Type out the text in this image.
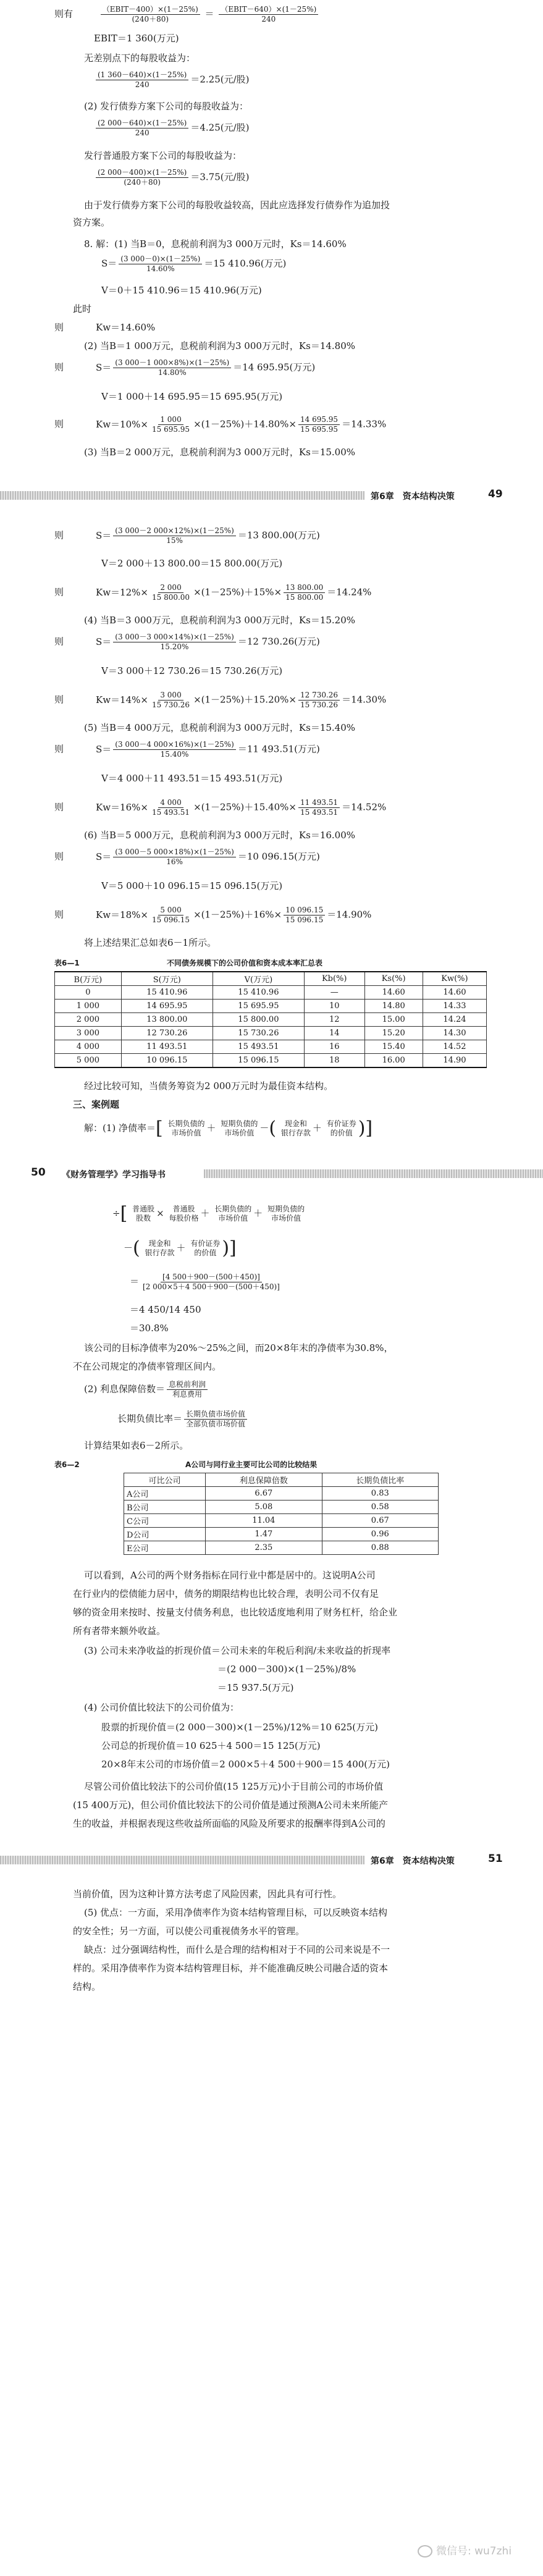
则有	$\frac{\text{（EBIT－400）×(1－25\%)}}{(240+80)} = \frac{\text{（EBIT－640）×(1－25\%)}}{240}$
EBIT＝1 360(万元)
无差别点下的每股收益为：
$\frac{(1 360-640)\times(1-25\%)}{240} =2.25$(元/股)
(2) 发行债券方案下公司的每股收益为：
$\frac{(2 000-640)\times(1-25\%)}{240} =4.25$(元/股)
发行普通股方案下公司的每股收益为：
$\frac{(2 000-400)\times(1-25\%)}{(240+80)} =3.75$(元/股)
由于发行债券方案下公司的每股收益较高，因此应选择发行债券作为追加投
资方案。
8. 解：(1) 当B＝0，息税前利润为3 000万元时，Ks＝14.60%
$S= \frac{(3 000-0)\times(1-25\%)}{14.60\%} =15$ 410.96(万元)
V＝0＋15 410.96＝15 410.96(万元)
此时
则	Kw＝14.60%
(2) 当B＝1 000万元，息税前利润为3 000万元时，Ks＝14.80%
则	$S= \frac{(3 000-1 000\times 8\%)\times(1-25\%)}{14.80\%} =14$ 695.95(万元)
V＝1 000＋14 695.95＝15 695.95(万元)
则	$Kw=10\%\times \frac{1 000}{15 695.95} \times(1-25\%)+14.80\%\times \frac{14 695.95}{15 695.95} =14.33\%$
(3) 当B＝2 000万元，息税前利润为3 000万元时，Ks＝15.00%
第6章　资本结构决策	49
则	$S= \frac{(3 000-2 000\times 12\%)\times(1-25\%)}{15\%} =13$ 800.00(万元)
V＝2 000＋13 800.00＝15 800.00(万元)
则	$Kw=12\%\times \frac{2 000}{15 800.00} \times(1-25\%)+15\%\times \frac{13 800.00}{15 800.00} =14.24\%$
(4) 当B＝3 000万元，息税前利润为3 000万元时，Ks＝15.20%
则	$S= \frac{(3 000-3 000\times 14\%)\times(1-25\%)}{15.20\%} =12$ 730.26(万元)
V＝3 000＋12 730.26＝15 730.26(万元)
则	$Kw=14\%\times \frac{3 000}{15 730.26} \times(1-25\%)+15.20\%\times \frac{12 730.26}{15 730.26} =14.30\%$
(5) 当B＝4 000万元，息税前利润为3 000万元时，Ks＝15.40%
则	$S= \frac{(3 000-4 000\times 16\%)\times(1-25\%)}{15.40\%} =11$ 493.51(万元)
V＝4 000＋11 493.51＝15 493.51(万元)
则	$Kw=16\%\times \frac{4 000}{15 493.51} \times(1-25\%)+15.40\%\times \frac{11 493.51}{15 493.51} =14.52\%$
(6) 当B＝5 000万元，息税前利润为3 000万元时，Ks＝16.00%
则	$S= \frac{(3 000-5 000\times 18\%)\times(1-25\%)}{16\%} =10$ 096.15(万元)
V＝5 000＋10 096.15＝15 096.15(万元)
则	$Kw=18\%\times \frac{5 000}{15 096.15} \times(1-25\%)+16\%\times \frac{10 096.15}{15 096.15} =14.90\%$
将上述结果汇总如表6－1所示。
表6—1	不同债务规模下的公司价值和资本成本率汇总表
B(万元)	S(万元)	V(万元)	Kb(%)	Ks(%)	Kw(%)
0	15 410.96	15 410.96	—	14.60	14.60
1 000	14 695.95	15 695.95	10	14.80	14.33
2 000	13 800.00	15 800.00	12	15.00	14.24
3 000	12 730.26	15 730.26	14	15.20	14.30
4 000	11 493.51	15 493.51	16	15.40	14.52
5 000	10 096.15	15 096.15	18	16.00	14.90
经过比较可知，当债务筹资为2 000万元时为最佳资本结构。
三、案例题
解：(1) 净债率＝[ 长期负债的
市场价值 ＋ 短期负债的
市场价值 －( 现金和
银行存款 ＋ 有价证券
的价值 )]
50 《财务管理学》学习指导书
÷[ 普通股
股数 × 普通股
每股价格 ＋ 长期负债的
市场价值 ＋ 短期负债的
市场价值
－( 现金和
银行存款 ＋ 有价证券
的价值 )]
＝ $\frac{[4 500+900-(500+450)]}{[2 000\times 5+4 500+900-(500+450)]}$
＝4 450/14 450
＝30.8%
该公司的目标净债率为20%～25%之间，而20×8年末的净债率为30.8%，
不在公司规定的净债率管理区间内。
(2) 利息保障倍数＝ $\frac{\text{息税前利润}}{\text{利息费用}}$
长期负债比率＝ $\frac{\text{长期负债市场价值}}{\text{全部负债市场价值}}$
计算结果如表6－2所示。
表6—2	A公司与同行业主要可比公司的比较结果
可比公司	利息保障倍数	长期负债比率
A公司	6.67	0.83
B公司	5.08	0.58
C公司	11.04	0.67
D公司	1.47	0.96
E公司	2.35	0.88
可以看到，A公司的两个财务指标在同行业中都是居中的。这说明A公司
在行业内的偿债能力居中，债务的期限结构也比较合理，表明公司不仅有足
够的资金用来按时、按量支付债务利息，也比较适度地利用了财务杠杆，给企业
所有者带来额外收益。
(3) 公司未来净收益的折现价值＝公司未来的年税后利润/未来收益的折现率
＝(2 000－300)×(1－25%)/8%
＝15 937.5(万元)
(4) 公司价值比较法下的公司价值为：
股票的折现价值＝(2 000－300)×(1－25%)/12%＝10 625(万元)
公司总的折现价值＝10 625＋4 500＝15 125(万元)
20×8年末公司的市场价值＝2 000×5＋4 500＋900＝15 400(万元)
尽管公司价值比较法下的公司价值(15 125万元)小于目前公司的市场价值
(15 400万元)，但公司价值比较法下的公司价值是通过预测A公司未来所能产
生的收益，并根据表现这些收益所面临的风险及所要求的报酬率得到A公司的
第6章　资本结构决策	51
当前价值，因为这种计算方法考虑了风险因素，因此具有可行性。
(5) 优点：一方面，采用净债率作为资本结构管理目标，可以反映资本结构
的安全性；另一方面，可以使公司重视债务水平的管理。
缺点：过分强调结构性，而什么是合理的结构相对于不同的公司来说是不一
样的。采用净债率作为资本结构管理目标，并不能准确反映公司融合适的资本
结构。
微信号: wu7zhi
